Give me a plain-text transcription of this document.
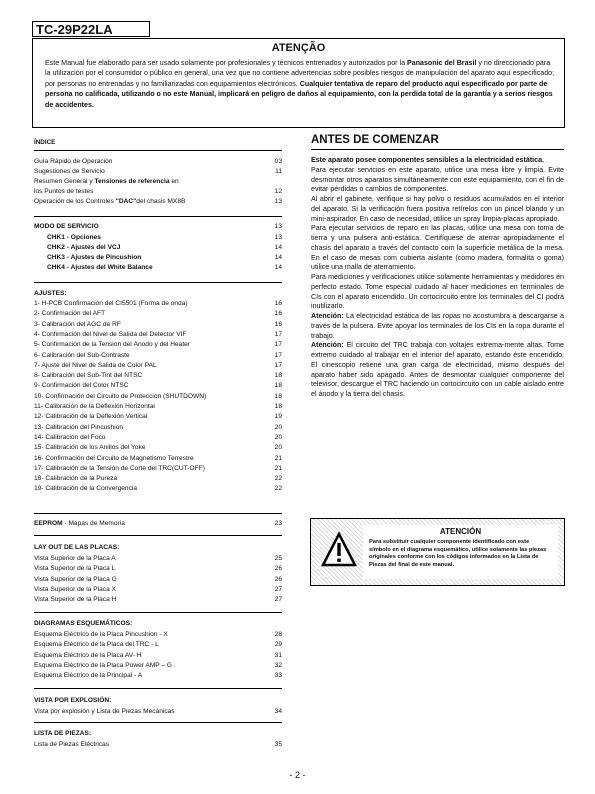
TC-29P22LA
ATENÇÃO
Este Manual fue elaborado para ser usado solamente por profesionales y técnicos entrenados y autorizados por la Panasonic del Brasil y no direccionado para la utilización por el consumidor o público en general, una vez que no contiene advertencias sobre posibles riesgos de manipulación del aparato aquí especificado; por personas no entrenadas y no familiarizadas con equipamientos electrónicos. Cualquier tentativa de reparo del producto aquí especificado por parte de persona no calificada, utilizando o no este Manual, implicará en peligro de daños al equipamiento, con la perdida total de la garantía y a serios riesgos de accidentes.
ÍNDICE
Guía Rápido de Operación	03
Sugestiones de Servicio	11
Resumen General y Tensiones de referencia en
los Puntos de testes	12
Operación de los Controles "DAC"del chasis MX8B	13
MODO DE SERVICIO	13
CHK1 - Opciones	13
CHK2 - Ajustes del VCJ	14
CHK3 - Ajustes de Pincushion	14
CHK4 - Ajustes del White Balance	14
AJUSTES:
1- H-PCB Confirmación del CI5501 (Forma de onda)	16
2- Confirmación del AFT	16
3- Calibración del AGC de RF	16
4- Confirmación del Nivel de Salida del Detector VIF	17
5- Confirmación de la Tension del Ánodo y del Heater	17
6- Calibración del Sub-Contraste	17
7- Ajuste del Nivel de Salida de Color PAL	17
8- Calibración del Sub-Tint del NTSC	18
9- Confirmación del Color NTSC	18
10- Confirmación del Circuito de Protección (SHUTDOWN)	18
11- Calibración de la Deflexión Horizontal	18
12- Calibración de la Deflexión Vertical	19
13- Calibración del Pincushion	20
14- Calibración del Foco	20
15- Calibración de los Anillos del Yoke	20
16- Confirmación del Circuito de Magnetismo Terrestre	21
17- Calibración de la Tensión de Corte del TRC(CUT-OFF)	21
18- Calibración de la Pureza	22
19- Calibración de la Convergencia	22
EEPROM - Mapas de Memoria	23
LAY OUT DE LAS PLACAS:
Vista Superior de la Placa A	25
Vista Superior de la Placa L	26
Vista Superior de la Placa G	26
Vista Superior de la Placa X	27
Vista Superior de la Placa H	27
DIAGRAMAS ESQUEMÁTICOS:
Esquema Eléctrico de la Placa Pincushion - X	28
Esquema Eléctrico de la Placa del TRC - L	29
Esquema Eléctrico de la Placa AV- H	31
Esquema Eléctrico de la Placa Power AMP – G	32
Esquema Eléctrico de la Principal - A	33
VISTA POR EXPLOSIÓN:
Vista por explosión y Lista de Piezas Mecánicas	34
LISTA DE PIEZAS:
Lista de Piezas Eléctricas	35
ANTES DE COMENZAR

Este aparato posee componentes sensibles a la electricidad estática.

Para ejecutar servicios en este aparato, utilice una mesa libre y limpia. Evite desmontar otros aparatos simultáneamente con este equipamiento, con el fin de evitar pérdidas o cambios de componentes.

Al abrir el gabinete, verifique si hay polvo o residuos acumulados en el interior del aparato. Si la verificación fuera positiva retírelos con un pincel blando y un mini-aspirador. En caso de necesidad, utilice un spray limpia-placas apropiado.

Para ejecutar servicios de reparo en las placas, utilice una mesa con toma de tierra y una pulsera anti-estática. Certifíquese de aterrar apropiadamente el chasis del aparato a través del contacto com la superficie metálica de la mesa. En el caso de mesas com cubierta aislante (como madera, formalita o goma) utilice una malla de aterramiento.

Para mediciones y verificaciones utilice solamente herramientas y medidores en perfecto estado. Tome especial cuidado al hacer mediciones en terminales de CIs con el aparato encendido. Un cortocircuito entre los terminales del CI podrá inutilizarlo.

Atención: La electricidad estática de las ropas no acostumbra a descargarse a través de la pulsera. Evite apoyar los terminales de los CIs en la ropa durante el trabajo.

Atención: El circuito del TRC trabaja con voltajes extrema-mente altas. Tome extremo cuidado al trabajar en el interior del aparato, estando éste encendido. El cinescopio retiene una gran carga de electricidad, mismo después del aparato haber sido apagado. Antes de desmontar cualquier componente del televisor, descargue el TRC haciendo un cortocircuito con un cable aislado entre el ánodo y la tierra del chasis.

ATENCIÓN
Para substituir cualquier componente identificado con este símbolo en el diagrama esquemático, utilice solamente las piezas originales conforme con los códigos informados en la Lista de Piezas del final de este manual.
- 2 -
